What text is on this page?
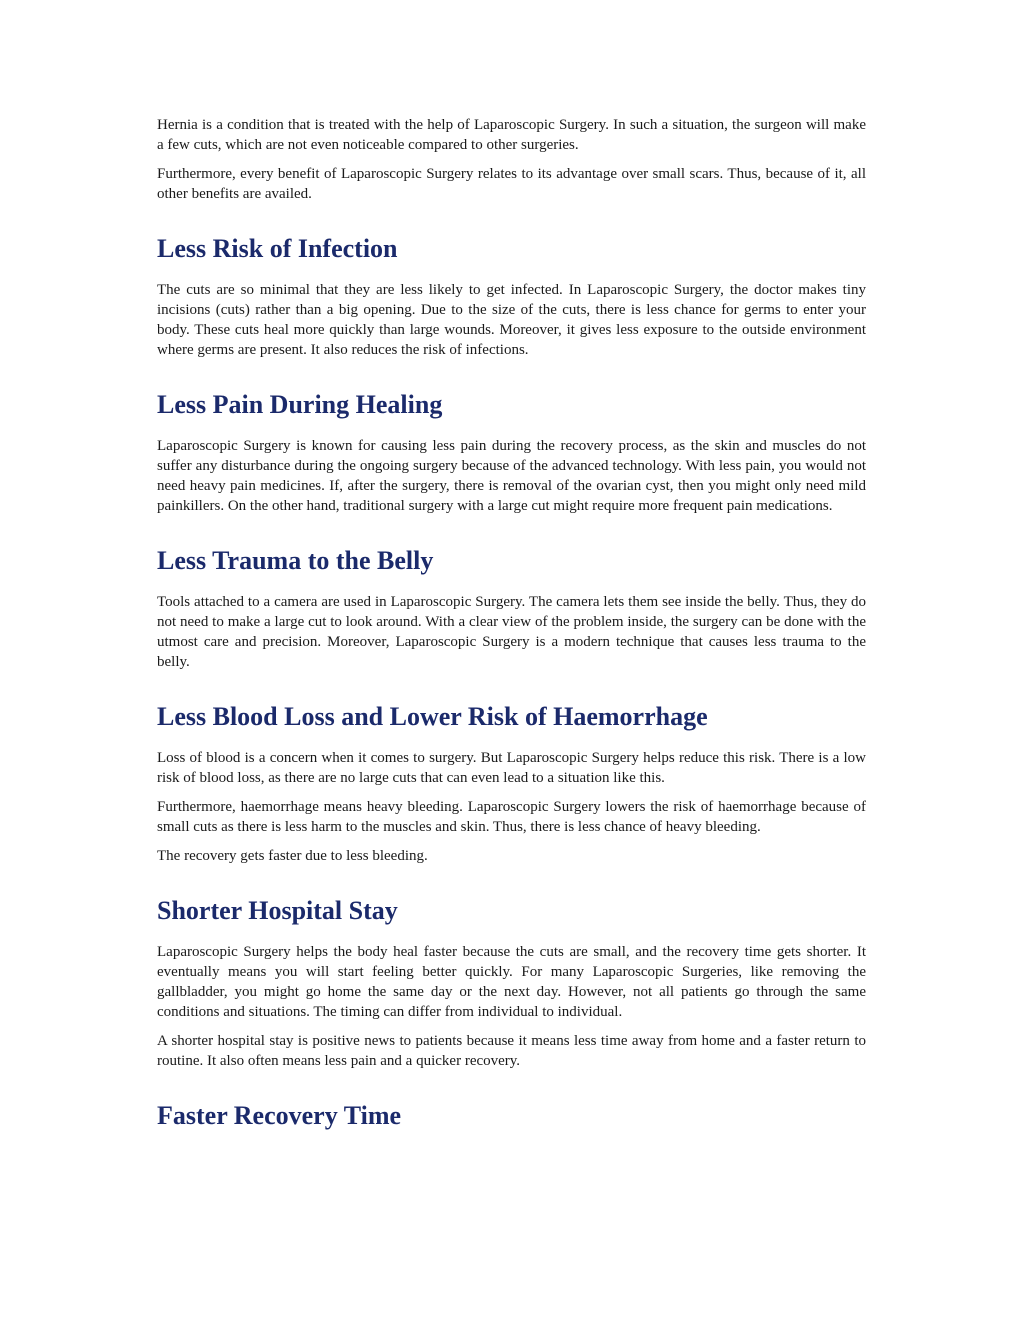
Hernia is a condition that is treated with the help of Laparoscopic Surgery. In such a situation, the surgeon will make a few cuts, which are not even noticeable compared to other surgeries.

Furthermore, every benefit of Laparoscopic Surgery relates to its advantage over small scars. Thus, because of it, all other benefits are availed.

Less Risk of Infection

The cuts are so minimal that they are less likely to get infected. In Laparoscopic Surgery, the doctor makes tiny incisions (cuts) rather than a big opening. Due to the size of the cuts, there is less chance for germs to enter your body. These cuts heal more quickly than large wounds. Moreover, it gives less exposure to the outside environment where germs are present. It also reduces the risk of infections.

Less Pain During Healing

Laparoscopic Surgery is known for causing less pain during the recovery process, as the skin and muscles do not suffer any disturbance during the ongoing surgery because of the advanced technology. With less pain, you would not need heavy pain medicines. If, after the surgery, there is removal of the ovarian cyst, then you might only need mild painkillers. On the other hand, traditional surgery with a large cut might require more frequent pain medications.

Less Trauma to the Belly

Tools attached to a camera are used in Laparoscopic Surgery. The camera lets them see inside the belly. Thus, they do not need to make a large cut to look around. With a clear view of the problem inside, the surgery can be done with the utmost care and precision. Moreover, Laparoscopic Surgery is a modern technique that causes less trauma to the belly.

Less Blood Loss and Lower Risk of Haemorrhage

Loss of blood is a concern when it comes to surgery. But Laparoscopic Surgery helps reduce this risk. There is a low risk of blood loss, as there are no large cuts that can even lead to a situation like this.

Furthermore, haemorrhage means heavy bleeding. Laparoscopic Surgery lowers the risk of haemorrhage because of small cuts as there is less harm to the muscles and skin. Thus, there is less chance of heavy bleeding.

The recovery gets faster due to less bleeding.

Shorter Hospital Stay

Laparoscopic Surgery helps the body heal faster because the cuts are small, and the recovery time gets shorter. It eventually means you will start feeling better quickly. For many Laparoscopic Surgeries, like removing the gallbladder, you might go home the same day or the next day. However, not all patients go through the same conditions and situations. The timing can differ from individual to individual.

A shorter hospital stay is positive news to patients because it means less time away from home and a faster return to routine. It also often means less pain and a quicker recovery.

Faster Recovery Time
